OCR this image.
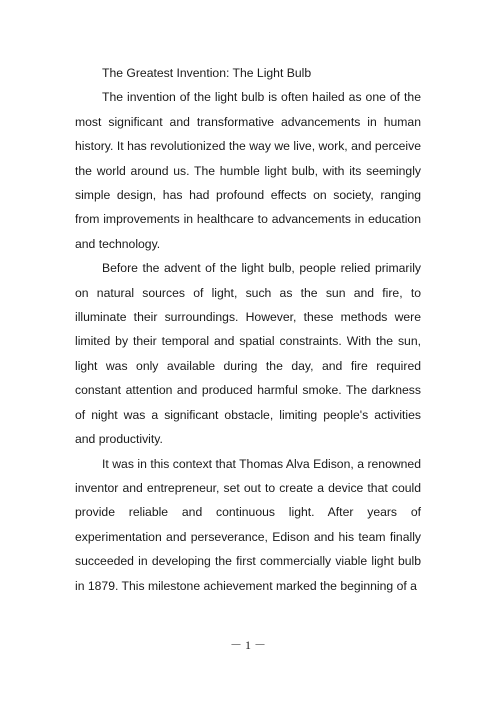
The Greatest Invention: The Light Bulb

The invention of the light bulb is often hailed as one of the most significant and transformative advancements in human history. It has revolutionized the way we live, work, and perceive the world around us. The humble light bulb, with its seemingly simple design, has had profound effects on society, ranging from improvements in healthcare to advancements in education and technology.

Before the advent of the light bulb, people relied primarily on natural sources of light, such as the sun and fire, to illuminate their surroundings. However, these methods were limited by their temporal and spatial constraints. With the sun, light was only available during the day, and fire required constant attention and produced harmful smoke. The darkness of night was a significant obstacle, limiting people's activities and productivity.

It was in this context that Thomas Alva Edison, a renowned inventor and entrepreneur, set out to create a device that could provide reliable and continuous light. After years of experimentation and perseverance, Edison and his team finally succeeded in developing the first commercially viable light bulb in 1879. This milestone achievement marked the beginning of a

－ 1 －
